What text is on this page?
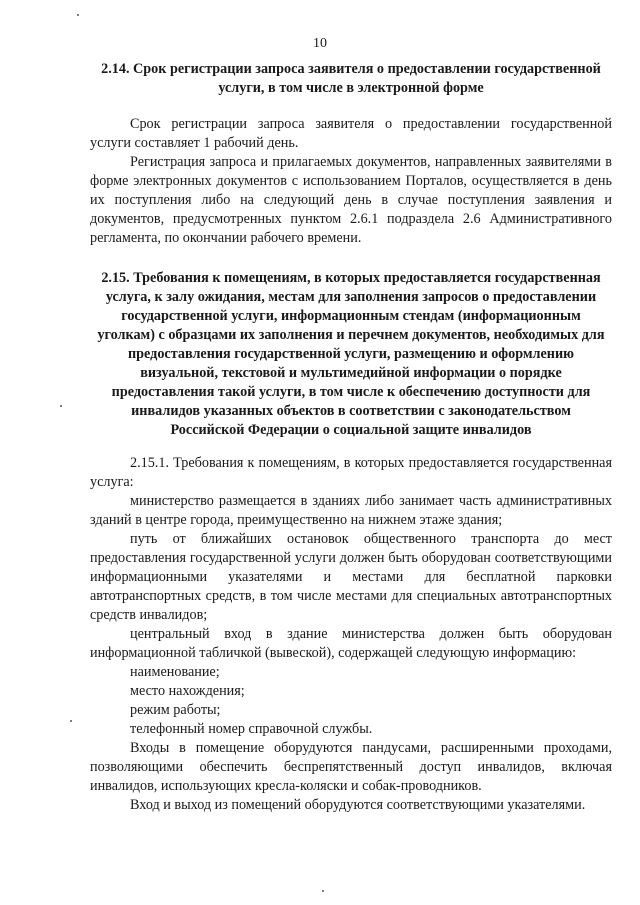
10
2.14. Срок регистрации запроса заявителя о предоставлении государственной услуги, в том числе в электронной форме

Срок регистрации запроса заявителя о предоставлении государственной услуги составляет 1 рабочий день.

Регистрация запроса и прилагаемых документов, направленных заявителями в форме электронных документов с использованием Порталов, осуществляется в день их поступления либо на следующий день в случае поступления заявления и документов, предусмотренных пунктом 2.6.1 подраздела 2.6 Административного регламента, по окончании рабочего времени.

2.15. Требования к помещениям, в которых предоставляется государственная услуга, к залу ожидания, местам для заполнения запросов о предоставлении государственной услуги, информационным стендам (информационным уголкам) с образцами их заполнения и перечнем документов, необходимых для предоставления государственной услуги, размещению и оформлению визуальной, текстовой и мультимедийной информации о порядке предоставления такой услуги, в том числе к обеспечению доступности для инвалидов указанных объектов в соответствии с законодательством Российской Федерации о социальной защите инвалидов

2.15.1. Требования к помещениям, в которых предоставляется государственная услуга:

министерство размещается в зданиях либо занимает часть административных зданий в центре города, преимущественно на нижнем этаже здания;

путь от ближайших остановок общественного транспорта до мест предоставления государственной услуги должен быть оборудован соответствующими информационными указателями и местами для бесплатной парковки автотранспортных средств, в том числе местами для специальных автотранспортных средств инвалидов;

центральный вход в здание министерства должен быть оборудован информационной табличкой (вывеской), содержащей следующую информацию:

наименование;

место нахождения;

режим работы;

телефонный номер справочной службы.

Входы в помещение оборудуются пандусами, расширенными проходами, позволяющими обеспечить беспрепятственный доступ инвалидов, включая инвалидов, использующих кресла-коляски и собак-проводников.

Вход и выход из помещений оборудуются соответствующими указателями.
